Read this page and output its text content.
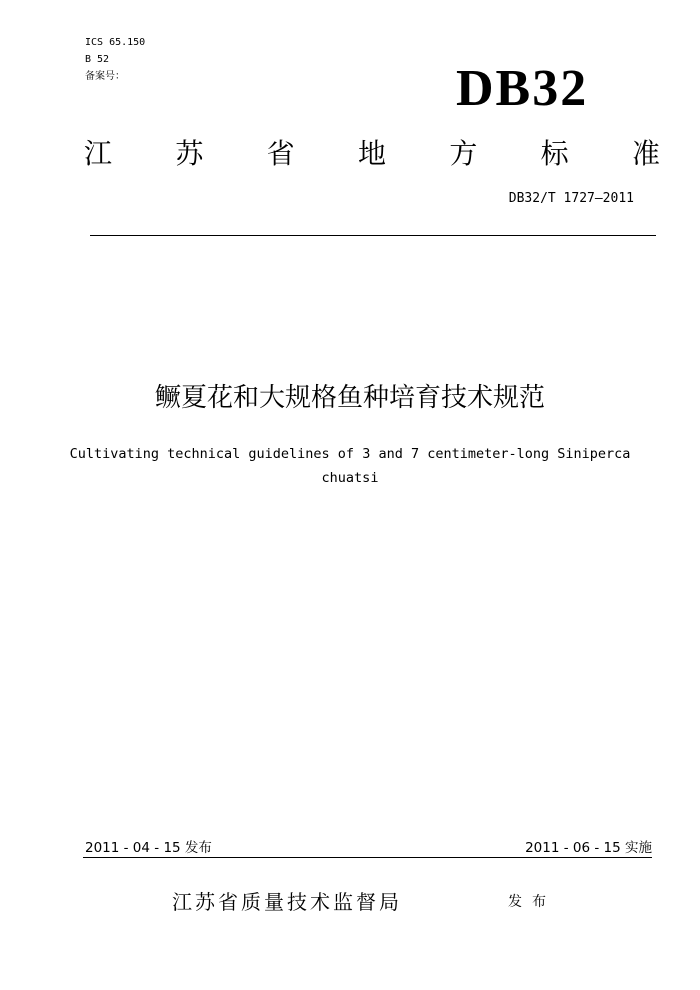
ICS 65.150
B 52
备案号：	DB32
江 苏 省 地 方 标 准
DB32/T 1727—2011
鳜夏花和大规格鱼种培育技术规范
Cultivating technical guidelines of 3 and 7 centimeter-long Siniperca chuatsi
2011 - 04 - 15 发布	2011 - 06 - 15 实施
江苏省质量技术监督局	发布
